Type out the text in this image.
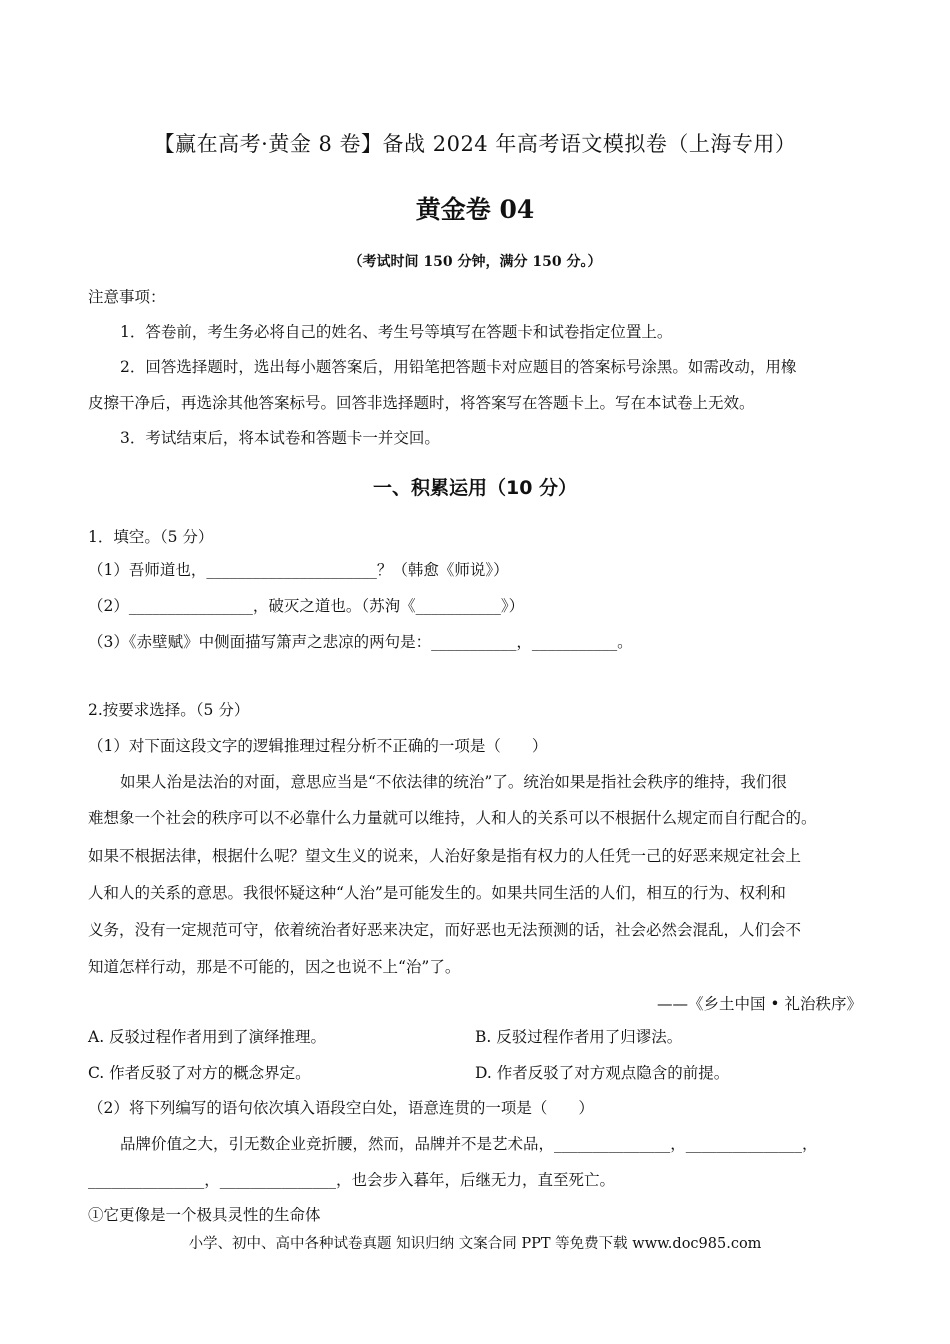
【赢在高考·黄金 8 卷】备战 2024 年高考语文模拟卷（上海专用）
黄金卷 04
（考试时间 150 分钟，满分 150 分。）
注意事项：
1．答卷前，考生务必将自己的姓名、考生号等填写在答题卡和试卷指定位置上。
2．回答选择题时，选出每小题答案后，用铅笔把答题卡对应题目的答案标号涂黑。如需改动，用橡
皮擦干净后，再选涂其他答案标号。回答非选择题时，将答案写在答题卡上。写在本试卷上无效。
3．考试结束后，将本试卷和答题卡一并交回。
一、积累运用（10 分）
1．填空。（5 分）
（1）吾师道也，______________________？（韩愈《师说》）
（2）________________，破灭之道也。（苏洵《___________》）
（3）《赤壁赋》中侧面描写箫声之悲凉的两句是：___________，___________。
2.按要求选择。（5 分）
（1）对下面这段文字的逻辑推理过程分析不正确的一项是（　　）
如果人治是法治的对面，意思应当是“不依法律的统治”了。统治如果是指社会秩序的维持，我们很
难想象一个社会的秩序可以不必靠什么力量就可以维持，人和人的关系可以不根据什么规定而自行配合的。
如果不根据法律，根据什么呢？望文生义的说来，人治好象是指有权力的人任凭一己的好恶来规定社会上
人和人的关系的意思。我很怀疑这种“人治”是可能发生的。如果共同生活的人们，相互的行为、权利和
义务，没有一定规范可守，依着统治者好恶来决定，而好恶也无法预测的话，社会必然会混乱，人们会不
知道怎样行动，那是不可能的，因之也说不上“治”了。
——《乡土中国 • 礼治秩序》
A. 反驳过程作者用到了演绎推理。	B. 反驳过程作者用了归谬法。
C. 作者反驳了对方的概念界定。	D. 作者反驳了对方观点隐含的前提。
（2）将下列编写的语句依次填入语段空白处，语意连贯的一项是（　　）
品牌价值之大，引无数企业竞折腰，然而，品牌并不是艺术品，_______________，_______________，
_______________，_______________，也会步入暮年，后继无力，直至死亡。
①它更像是一个极具灵性的生命体
小学、初中、高中各种试卷真题 知识归纳 文案合同 PPT 等免费下载 www.doc985.com
